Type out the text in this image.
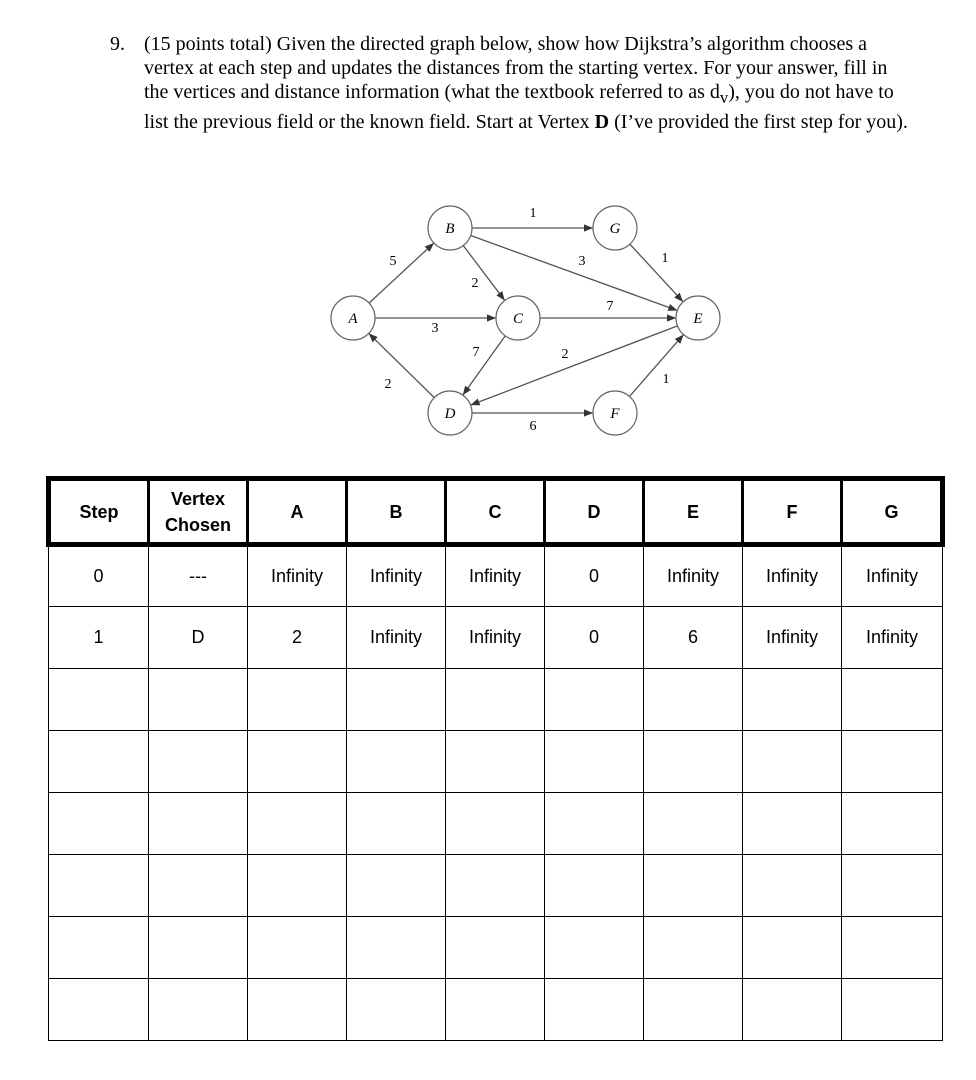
9. (15 points total) Given the directed graph below, show how Dijkstra’s algorithm chooses a vertex at each step and updates the distances from the starting vertex. For your answer, fill in the vertices and distance information (what the textbook referred to as $d_v$), you do not have to list the previous field or the known field. Start at Vertex D (I’ve provided the first step for you).
A
B
C
D
E
F
G
5
1
2
3	1
3
7
7
2
2
6
1
Step	Vertex Chosen	A	B	C	D	E	F	G
0	---	Infinity	Infinity	Infinity	0	Infinity	Infinity	Infinity
1	D	2	Infinity	Infinity	0	6	Infinity	Infinity
